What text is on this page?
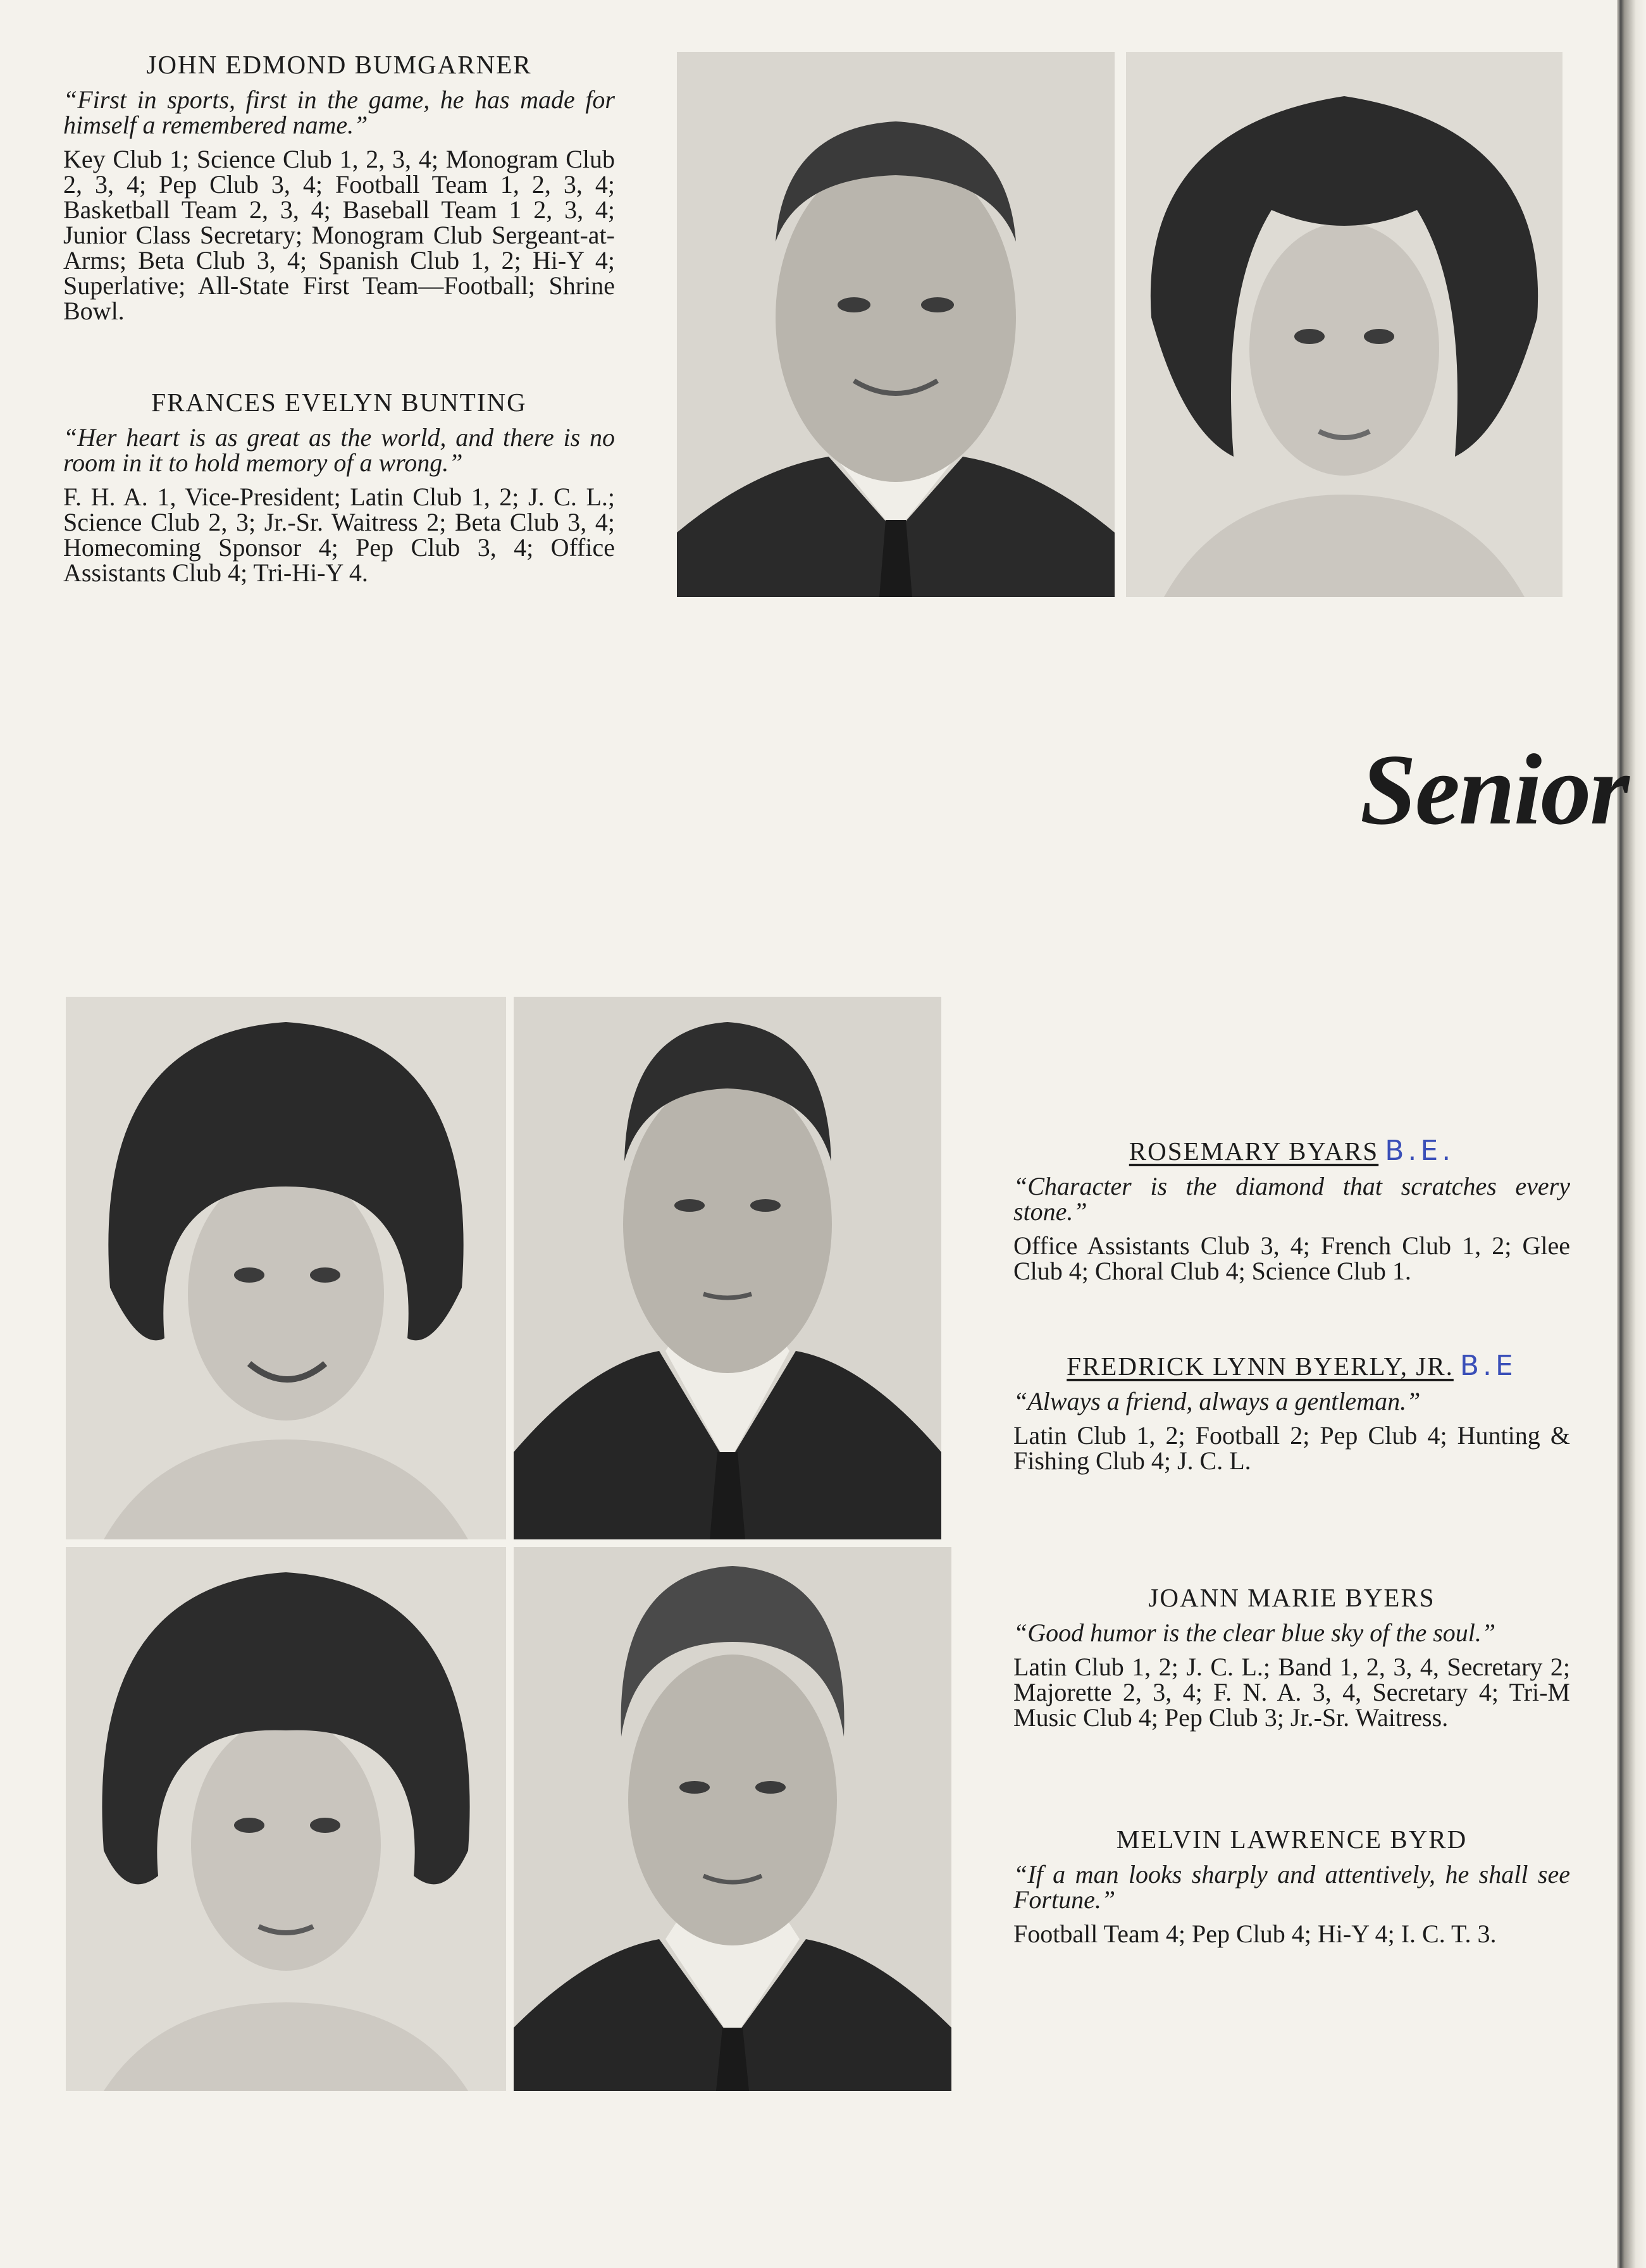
JOHN EDMOND BUMGARNER

“First in sports, first in the game, he has made for himself a remembered name.”

Key Club 1; Science Club 1, 2, 3, 4; Monogram Club 2, 3, 4; Pep Club 3, 4; Football Team 1, 2, 3, 4; Basketball Team 2, 3, 4; Baseball Team 1 2, 3, 4; Junior Class Secretary; Monogram Club Sergeant-at-Arms; Beta Club 3, 4; Spanish Club 1, 2; Hi-Y 4; Superlative; All-State First Team—Football; Shrine Bowl.

FRANCES EVELYN BUNTING

“Her heart is as great as the world, and there is no room in it to hold memory of a wrong.”

F. H. A. 1, Vice-President; Latin Club 1, 2; J. C. L.; Science Club 2, 3; Jr.-Sr. Waitress 2; Beta Club 3, 4; Homecoming Sponsor 4; Pep Club 3, 4; Office Assistants Club 4; Tri-Hi-Y 4.

Senior

ROSEMARY BYARS B.E.

“Character is the diamond that scratches every stone.”

Office Assistants Club 3, 4; French Club 1, 2; Glee Club 4; Choral Club 4; Science Club 1.

FREDRICK LYNN BYERLY, JR. B.E

“Always a friend, always a gentleman.”

Latin Club 1, 2; Football 2; Pep Club 4; Hunting & Fishing Club 4; J. C. L.

JOANN MARIE BYERS

“Good humor is the clear blue sky of the soul.”

Latin Club 1, 2; J. C. L.; Band 1, 2, 3, 4, Secretary 2; Majorette 2, 3, 4; F. N. A. 3, 4, Secretary 4; Tri-M Music Club 4; Pep Club 3; Jr.-Sr. Waitress.

MELVIN LAWRENCE BYRD

“If a man looks sharply and attentively, he shall see Fortune.”

Football Team 4; Pep Club 4; Hi-Y 4; I. C. T. 3.
